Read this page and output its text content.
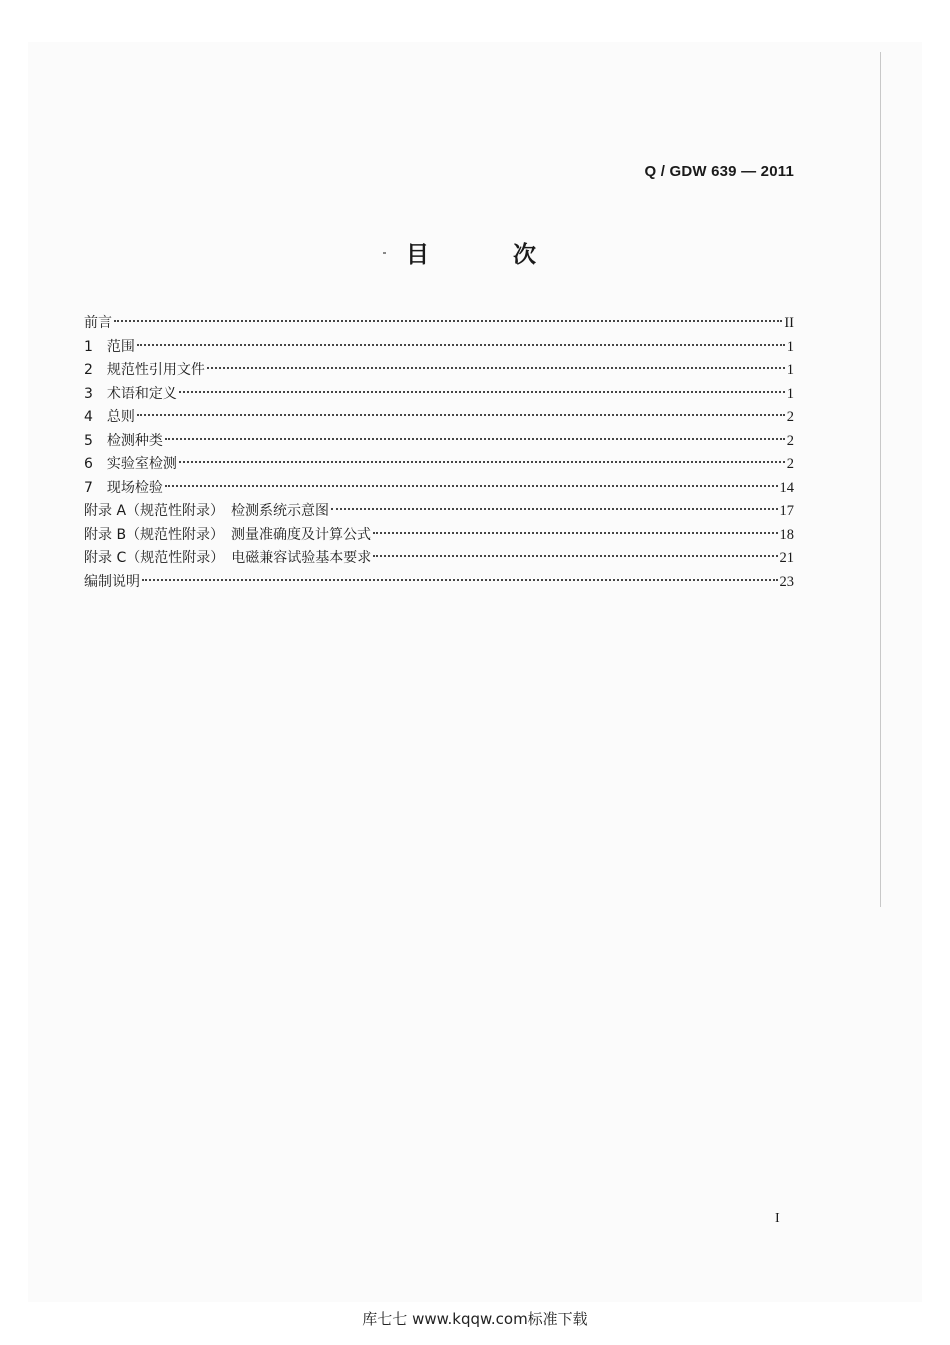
Q / GDW 639 — 2011
目 次
前言	II
1　范围	1
2　规范性引用文件	1
3　术语和定义	1
4　总则	2
5　检测种类	2
6　实验室检测	2
7　现场检验	14
附录 A（规范性附录）　检测系统示意图	17
附录 B（规范性附录）　测量准确度及计算公式	18
附录 C（规范性附录）　电磁兼容试验基本要求	21
编制说明	23
I
库七七 www.kqqw.com标准下载
